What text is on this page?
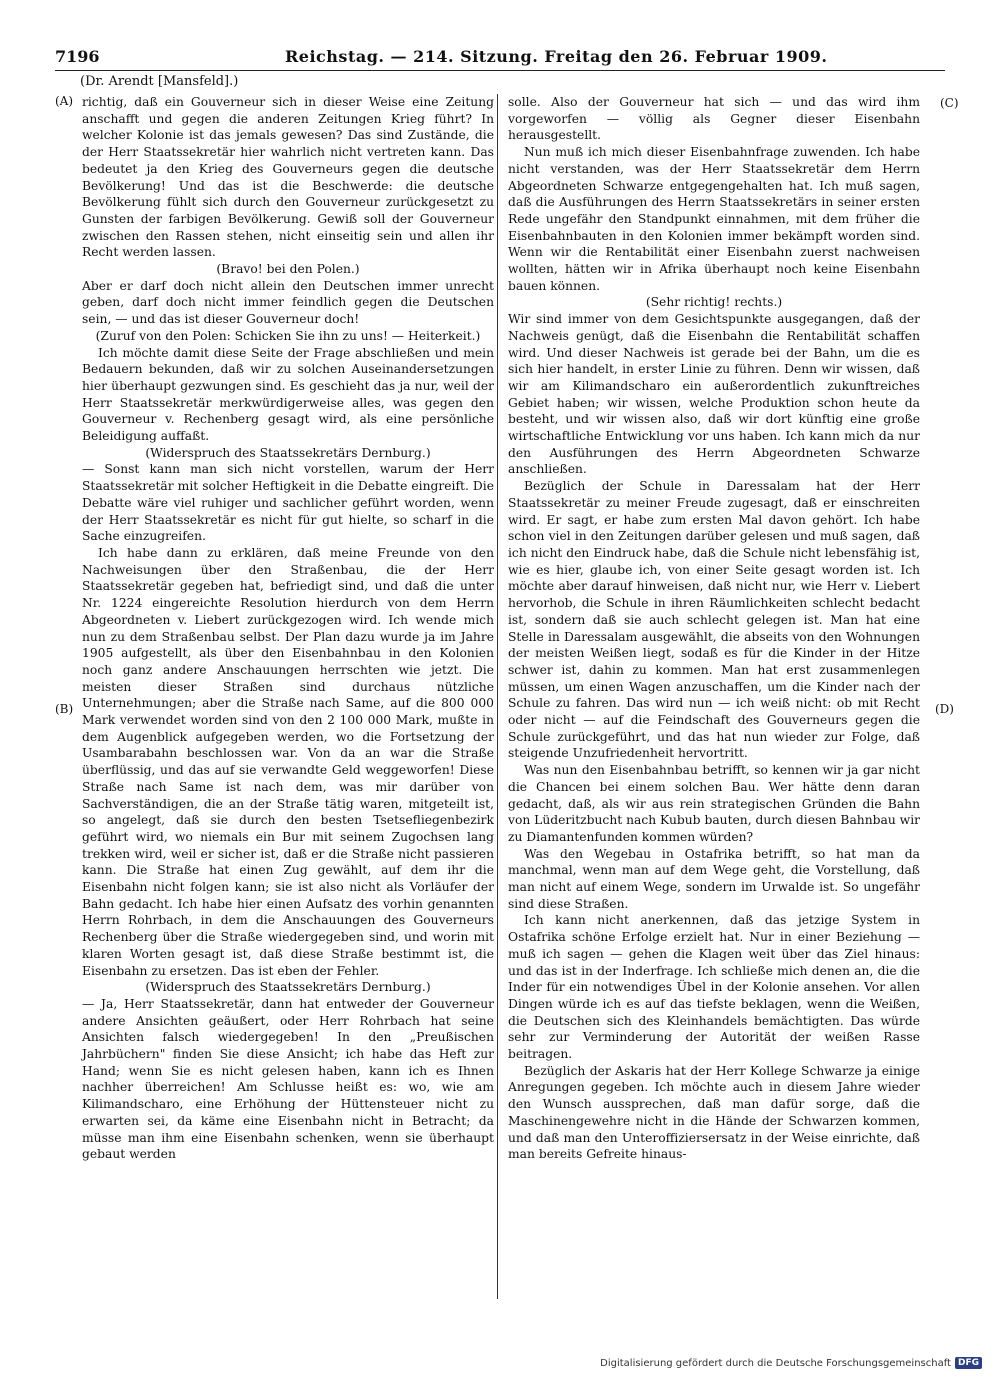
7196	Reichstag. — 214. Sitzung. Freitag den 26. Februar 1909.
(Dr. Arendt [Mansfeld].)
(A)
(B)
(C)
(D)

richtig, daß ein Gouverneur sich in dieser Weise eine Zeitung anschafft und gegen die anderen Zeitungen Krieg führt? In welcher Kolonie ist das jemals gewesen? Das sind Zustände, die der Herr Staatssekretär hier wahrlich nicht vertreten kann. Das bedeutet ja den Krieg des Gouverneurs gegen die deutsche Bevölkerung! Und das ist die Beschwerde: die deutsche Bevölkerung fühlt sich durch den Gouverneur zurückgesetzt zu Gunsten der farbigen Bevölkerung. Gewiß soll der Gouverneur zwischen den Rassen stehen, nicht einseitig sein und allen ihr Recht werden lassen.

(Bravo! bei den Polen.)

Aber er darf doch nicht allein den Deutschen immer unrecht geben, darf doch nicht immer feindlich gegen die Deutschen sein, — und das ist dieser Gouverneur doch!

(Zuruf von den Polen: Schicken Sie ihn zu uns! — Heiterkeit.)

Ich möchte damit diese Seite der Frage abschließen und mein Bedauern bekunden, daß wir zu solchen Auseinandersetzungen hier überhaupt gezwungen sind. Es geschieht das ja nur, weil der Herr Staatssekretär merkwürdigerweise alles, was gegen den Gouverneur v. Rechenberg gesagt wird, als eine persönliche Beleidigung auffaßt.

(Widerspruch des Staatssekretärs Dernburg.)

— Sonst kann man sich nicht vorstellen, warum der Herr Staatssekretär mit solcher Heftigkeit in die Debatte eingreift. Die Debatte wäre viel ruhiger und sachlicher geführt worden, wenn der Herr Staatssekretär es nicht für gut hielte, so scharf in die Sache einzugreifen.

Ich habe dann zu erklären, daß meine Freunde von den Nachweisungen über den Straßenbau, die der Herr Staatssekretär gegeben hat, befriedigt sind, und daß die unter Nr. 1224 eingereichte Resolution hierdurch von dem Herrn Abgeordneten v. Liebert zurückgezogen wird. Ich wende mich nun zu dem Straßenbau selbst. Der Plan dazu wurde ja im Jahre 1905 aufgestellt, als über den Eisenbahnbau in den Kolonien noch ganz andere Anschauungen herrschten wie jetzt. Die meisten dieser Straßen sind durchaus nützliche Unternehmungen; aber die Straße nach Same, auf die 800 000 Mark verwendet worden sind von den 2 100 000 Mark, mußte in dem Augenblick aufgegeben werden, wo die Fortsetzung der Usambarabahn beschlossen war. Von da an war die Straße überflüssig, und das auf sie verwandte Geld weggeworfen! Diese Straße nach Same ist nach dem, was mir darüber von Sachverständigen, die an der Straße tätig waren, mitgeteilt ist, so angelegt, daß sie durch den besten Tsetsefliegenbezirk geführt wird, wo niemals ein Bur mit seinem Zugochsen lang trekken wird, weil er sicher ist, daß er die Straße nicht passieren kann. Die Straße hat einen Zug gewählt, auf dem ihr die Eisenbahn nicht folgen kann; sie ist also nicht als Vorläufer der Bahn gedacht. Ich habe hier einen Aufsatz des vorhin genannten Herrn Rohrbach, in dem die Anschauungen des Gouverneurs Rechenberg über die Straße wiedergegeben sind, und worin mit klaren Worten gesagt ist, daß diese Straße bestimmt ist, die Eisenbahn zu ersetzen. Das ist eben der Fehler.

(Widerspruch des Staatssekretärs Dernburg.)

— Ja, Herr Staatssekretär, dann hat entweder der Gouverneur andere Ansichten geäußert, oder Herr Rohrbach hat seine Ansichten falsch wiedergegeben! In den „Preußischen Jahrbüchern" finden Sie diese Ansicht; ich habe das Heft zur Hand; wenn Sie es nicht gelesen haben, kann ich es Ihnen nachher überreichen! Am Schlusse heißt es: wo, wie am Kilimandscharo, eine Erhöhung der Hüttensteuer nicht zu erwarten sei, da käme eine Eisenbahn nicht in Betracht; da müsse man ihm eine Eisenbahn schenken, wenn sie überhaupt gebaut werden

solle. Also der Gouverneur hat sich — und das wird ihm vorgeworfen — völlig als Gegner dieser Eisenbahn herausgestellt.

Nun muß ich mich dieser Eisenbahnfrage zuwenden. Ich habe nicht verstanden, was der Herr Staatssekretär dem Herrn Abgeordneten Schwarze entgegengehalten hat. Ich muß sagen, daß die Ausführungen des Herrn Staatssekretärs in seiner ersten Rede ungefähr den Standpunkt einnahmen, mit dem früher die Eisenbahnbauten in den Kolonien immer bekämpft worden sind. Wenn wir die Rentabilität einer Eisenbahn zuerst nachweisen wollten, hätten wir in Afrika überhaupt noch keine Eisenbahn bauen können.

(Sehr richtig! rechts.)

Wir sind immer von dem Gesichtspunkte ausgegangen, daß der Nachweis genügt, daß die Eisenbahn die Rentabilität schaffen wird. Und dieser Nachweis ist gerade bei der Bahn, um die es sich hier handelt, in erster Linie zu führen. Denn wir wissen, daß wir am Kilimandscharo ein außerordentlich zukunftreiches Gebiet haben; wir wissen, welche Produktion schon heute da besteht, und wir wissen also, daß wir dort künftig eine große wirtschaftliche Entwicklung vor uns haben. Ich kann mich da nur den Ausführungen des Herrn Abgeordneten Schwarze anschließen.

Bezüglich der Schule in Daressalam hat der Herr Staatssekretär zu meiner Freude zugesagt, daß er einschreiten wird. Er sagt, er habe zum ersten Mal davon gehört. Ich habe schon viel in den Zeitungen darüber gelesen und muß sagen, daß ich nicht den Eindruck habe, daß die Schule nicht lebensfähig ist, wie es hier, glaube ich, von einer Seite gesagt worden ist. Ich möchte aber darauf hinweisen, daß nicht nur, wie Herr v. Liebert hervorhob, die Schule in ihren Räumlichkeiten schlecht bedacht ist, sondern daß sie auch schlecht gelegen ist. Man hat eine Stelle in Daressalam ausgewählt, die abseits von den Wohnungen der meisten Weißen liegt, sodaß es für die Kinder in der Hitze schwer ist, dahin zu kommen. Man hat erst zusammenlegen müssen, um einen Wagen anzuschaffen, um die Kinder nach der Schule zu fahren. Das wird nun — ich weiß nicht: ob mit Recht oder nicht — auf die Feindschaft des Gouverneurs gegen die Schule zurückgeführt, und das hat nun wieder zur Folge, daß steigende Unzufriedenheit hervortritt.

Was nun den Eisenbahnbau betrifft, so kennen wir ja gar nicht die Chancen bei einem solchen Bau. Wer hätte denn daran gedacht, daß, als wir aus rein strategischen Gründen die Bahn von Lüderitzbucht nach Kubub bauten, durch diesen Bahnbau wir zu Diamantenfunden kommen würden?

Was den Wegebau in Ostafrika betrifft, so hat man da manchmal, wenn man auf dem Wege geht, die Vorstellung, daß man nicht auf einem Wege, sondern im Urwalde ist. So ungefähr sind diese Straßen.

Ich kann nicht anerkennen, daß das jetzige System in Ostafrika schöne Erfolge erzielt hat. Nur in einer Beziehung — muß ich sagen — gehen die Klagen weit über das Ziel hinaus: und das ist in der Inderfrage. Ich schließe mich denen an, die die Inder für ein notwendiges Übel in der Kolonie ansehen. Vor allen Dingen würde ich es auf das tiefste beklagen, wenn die Weißen, die Deutschen sich des Kleinhandels bemächtigten. Das würde sehr zur Verminderung der Autorität der weißen Rasse beitragen.

Bezüglich der Askaris hat der Herr Kollege Schwarze ja einige Anregungen gegeben. Ich möchte auch in diesem Jahre wieder den Wunsch aussprechen, daß man dafür sorge, daß die Maschinengewehre nicht in die Hände der Schwarzen kommen, und daß man den Unteroffiziersersatz in der Weise einrichte, daß man bereits Gefreite hinaus-

Digitalisierung gefördert durch die Deutsche Forschungsgemeinschaft DFG
